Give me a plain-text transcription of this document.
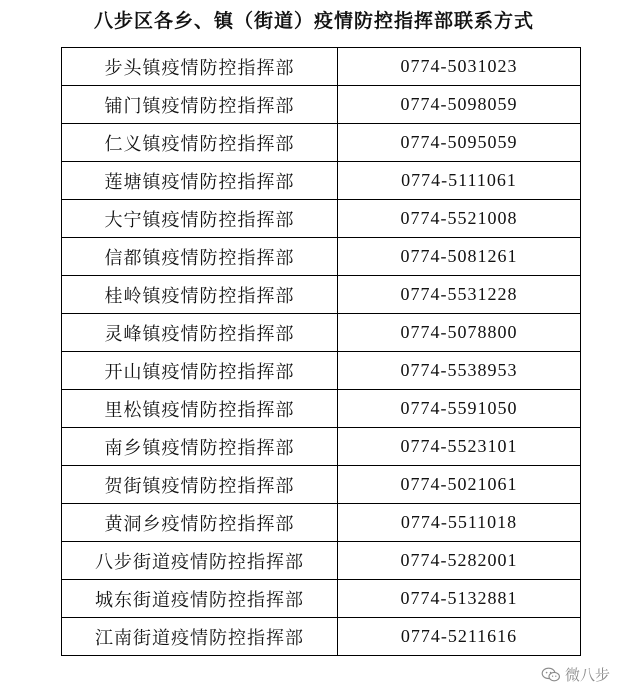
八步区各乡、镇（街道）疫情防控指挥部联系方式
步头镇疫情防控指挥部	0774-5031023
铺门镇疫情防控指挥部	0774-5098059
仁义镇疫情防控指挥部	0774-5095059
莲塘镇疫情防控指挥部	0774-5111061
大宁镇疫情防控指挥部	0774-5521008
信都镇疫情防控指挥部	0774-5081261
桂岭镇疫情防控指挥部	0774-5531228
灵峰镇疫情防控指挥部	0774-5078800
开山镇疫情防控指挥部	0774-5538953
里松镇疫情防控指挥部	0774-5591050
南乡镇疫情防控指挥部	0774-5523101
贺街镇疫情防控指挥部	0774-5021061
黄洞乡疫情防控指挥部	0774-5511018
八步街道疫情防控指挥部	0774-5282001
城东街道疫情防控指挥部	0774-5132881
江南街道疫情防控指挥部	0774-5211616
微八步
